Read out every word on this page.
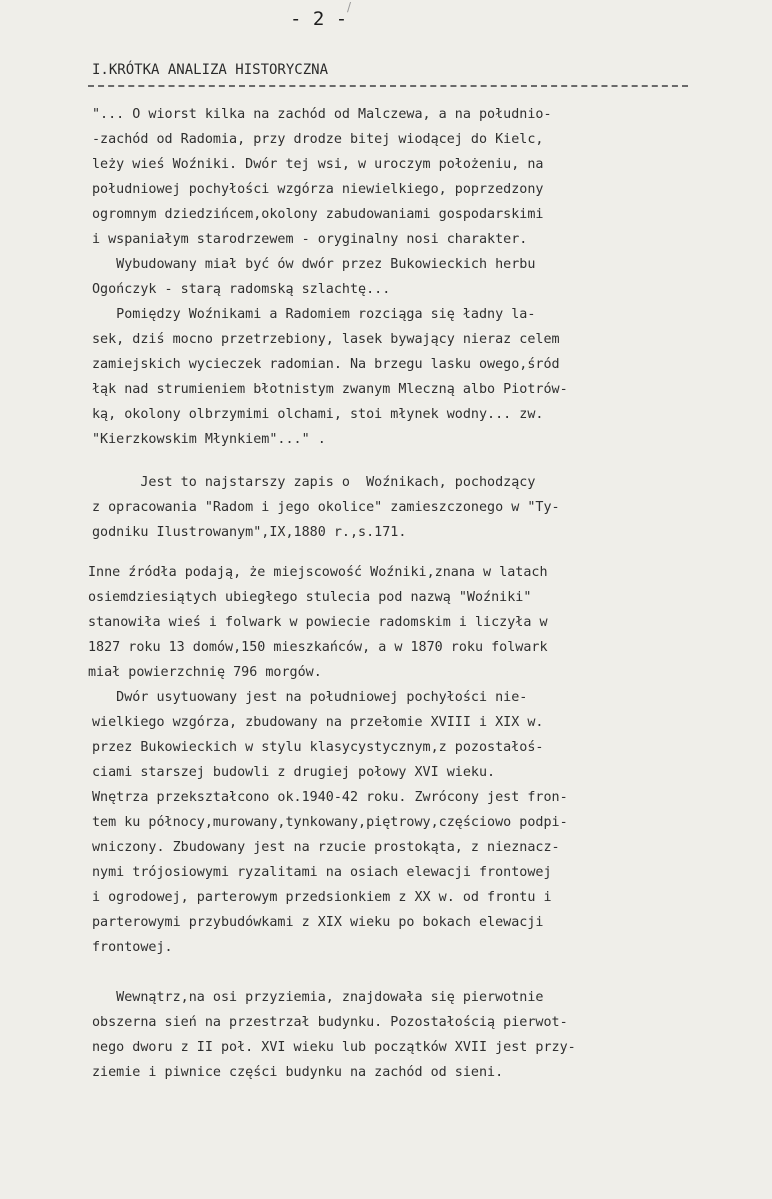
- 2 -
/
I.KRÓTKA ANALIZA HISTORYCZNA
"... O wiorst kilka na zachód od Malczewa, a na południo-
-zachód od Radomia, przy drodze bitej wiodącej do Kielc,
leży wieś Woźniki. Dwór tej wsi, w uroczym położeniu, na
południowej pochyłości wzgórza niewielkiego, poprzedzony
ogromnym dziedzińcem,okolony zabudowaniami gospodarskimi
i wspaniałym starodrzewem - oryginalny nosi charakter.
Wybudowany miał być ów dwór przez Bukowieckich herbu
Ogończyk - starą radomską szlachtę...
Pomiędzy Woźnikami a Radomiem rozciąga się ładny la-
sek, dziś mocno przetrzebiony, lasek bywający nieraz celem
zamiejskich wycieczek radomian. Na brzegu lasku owego,śród
łąk nad strumieniem błotnistym zwanym Mleczną albo Piotrów-
ką, okolony olbrzymimi olchami, stoi młynek wodny... zw.
"Kierzkowskim Młynkiem"..." .
Jest to najstarszy zapis o  Woźnikach, pochodzący
z opracowania "Radom i jego okolice" zamieszczonego w "Ty-
godniku Ilustrowanym",IX,1880 r.,s.171.
Inne źródła podają, że miejscowość Woźniki,znana w latach
osiemdziesiątych ubiegłego stulecia pod nazwą "Woźniki"
stanowiła wieś i folwark w powiecie radomskim i liczyła w
1827 roku 13 domów,150 mieszkańców, a w 1870 roku folwark
miał powierzchnię 796 morgów.
Dwór usytuowany jest na południowej pochyłości nie-
wielkiego wzgórza, zbudowany na przełomie XVIII i XIX w.
przez Bukowieckich w stylu klasycystycznym,z pozostałoś-
ciami starszej budowli z drugiej połowy XVI wieku.
Wnętrza przekształcono ok.1940-42 roku. Zwrócony jest fron-
tem ku północy,murowany,tynkowany,piętrowy,częściowo podpi-
wniczony. Zbudowany jest na rzucie prostokąta, z nieznacz-
nymi trójosiowymi ryzalitami na osiach elewacji frontowej
i ogrodowej, parterowym przedsionkiem z XX w. od frontu i
parterowymi przybudówkami z XIX wieku po bokach elewacji
frontowej.
Wewnątrz,na osi przyziemia, znajdowała się pierwotnie
obszerna sień na przestrzał budynku. Pozostałością pierwot-
nego dworu z II poł. XVI wieku lub początków XVII jest przy-
ziemie i piwnice części budynku na zachód od sieni.
